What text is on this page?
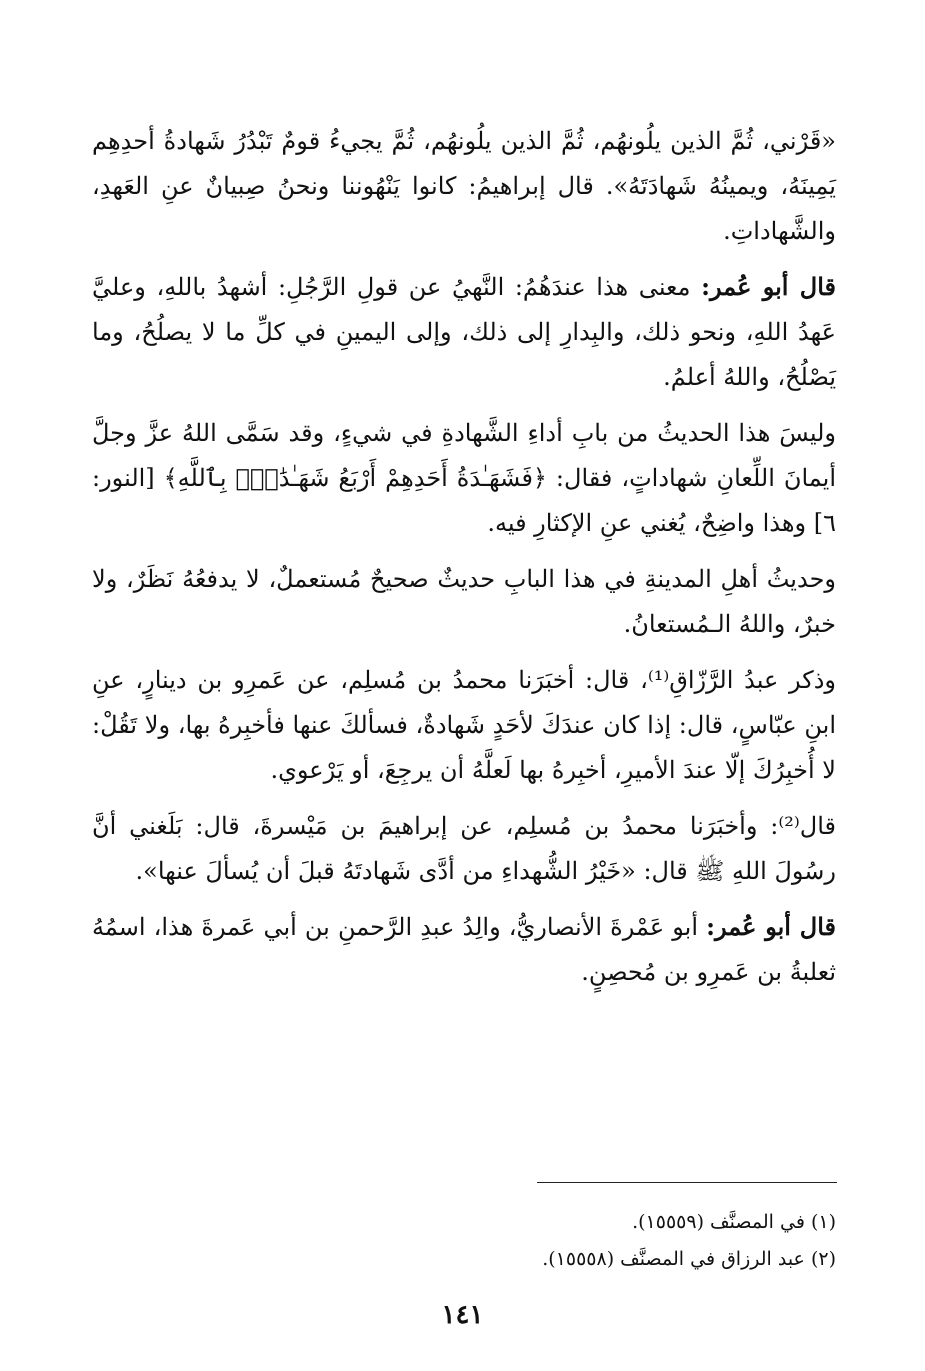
«قَرْني، ثُمَّ الذين يلُونهُم، ثُمَّ الذين يلُونهُم، ثُمَّ يجيءُ قومٌ تَبْدُرُ شَهادةُ أحدِهِم يَمِينَهُ، ويمينُهُ شَهادَتَهُ». قال إبراهيمُ: كانوا يَنْهُوننا ونحنُ صِبيانٌ عنِ العَهدِ، والشَّهاداتِ.

قال أبو عُمر: معنى هذا عندَهُمُ: النَّهيُ عن قولِ الرَّجُلِ: أشهدُ باللهِ، وعليَّ عَهدُ اللهِ، ونحو ذلك، والبِدارِ إلى ذلك، وإلى اليمينِ في كلِّ ما لا يصلُحُ، وما يَصْلُحُ، واللهُ أعلمُ.

وليسَ هذا الحديثُ من بابِ أداءِ الشَّهادةِ في شيءٍ، وقد سَمَّى اللهُ عزَّ وجلَّ أيمانَ اللِّعانِ شهاداتٍ، فقال: ﴿فَشَهَـٰدَةُ أَحَدِهِمْ أَرْبَعُ شَهَـٰدَٰتٍۭ بِٱللَّهِ﴾ [النور: ٦] وهذا واضِحٌ، يُغني عنِ الإكثارِ فيه.

وحديثُ أهلِ المدينةِ في هذا البابِ حديثٌ صحيحٌ مُستعملٌ، لا يدفعُهُ نَظَرٌ، ولا خبرٌ، واللهُ الـمُستعانُ.

وذكر عبدُ الرَّزّاقِ⁽¹⁾، قال: أخبَرَنا محمدُ بن مُسلِم، عن عَمرِو بن دينارٍ، عنِ ابنِ عبّاسٍ، قال: إذا كان عندَكَ لأحَدٍ شَهادةٌ، فسألكَ عنها فأخبِرهُ بها، ولا تَقُلْ: لا أُخبِرُكَ إلّا عندَ الأميرِ، أخبِرهُ بها لَعلَّهُ أن يرجِعَ، أو يَرْعوي.

قال⁽²⁾: وأخبَرَنا محمدُ بن مُسلِم، عن إبراهيمَ بن مَيْسرةَ، قال: بَلَغني أنَّ رسُولَ اللهِ ﷺ قال: «خَيْرُ الشُّهداءِ من أدَّى شَهادتَهُ قبلَ أن يُسألَ عنها».

قال أبو عُمر: أبو عَمْرةَ الأنصاريُّ، والِدُ عبدِ الرَّحمنِ بن أبي عَمرةَ هذا، اسمُهُ ثعلبةُ بن عَمرِو بن مُحصِنٍ.

(١) في المصنَّف (١٥٥٥٩).

(٢) عبد الرزاق في المصنَّف (١٥٥٥٨).

١٤١
